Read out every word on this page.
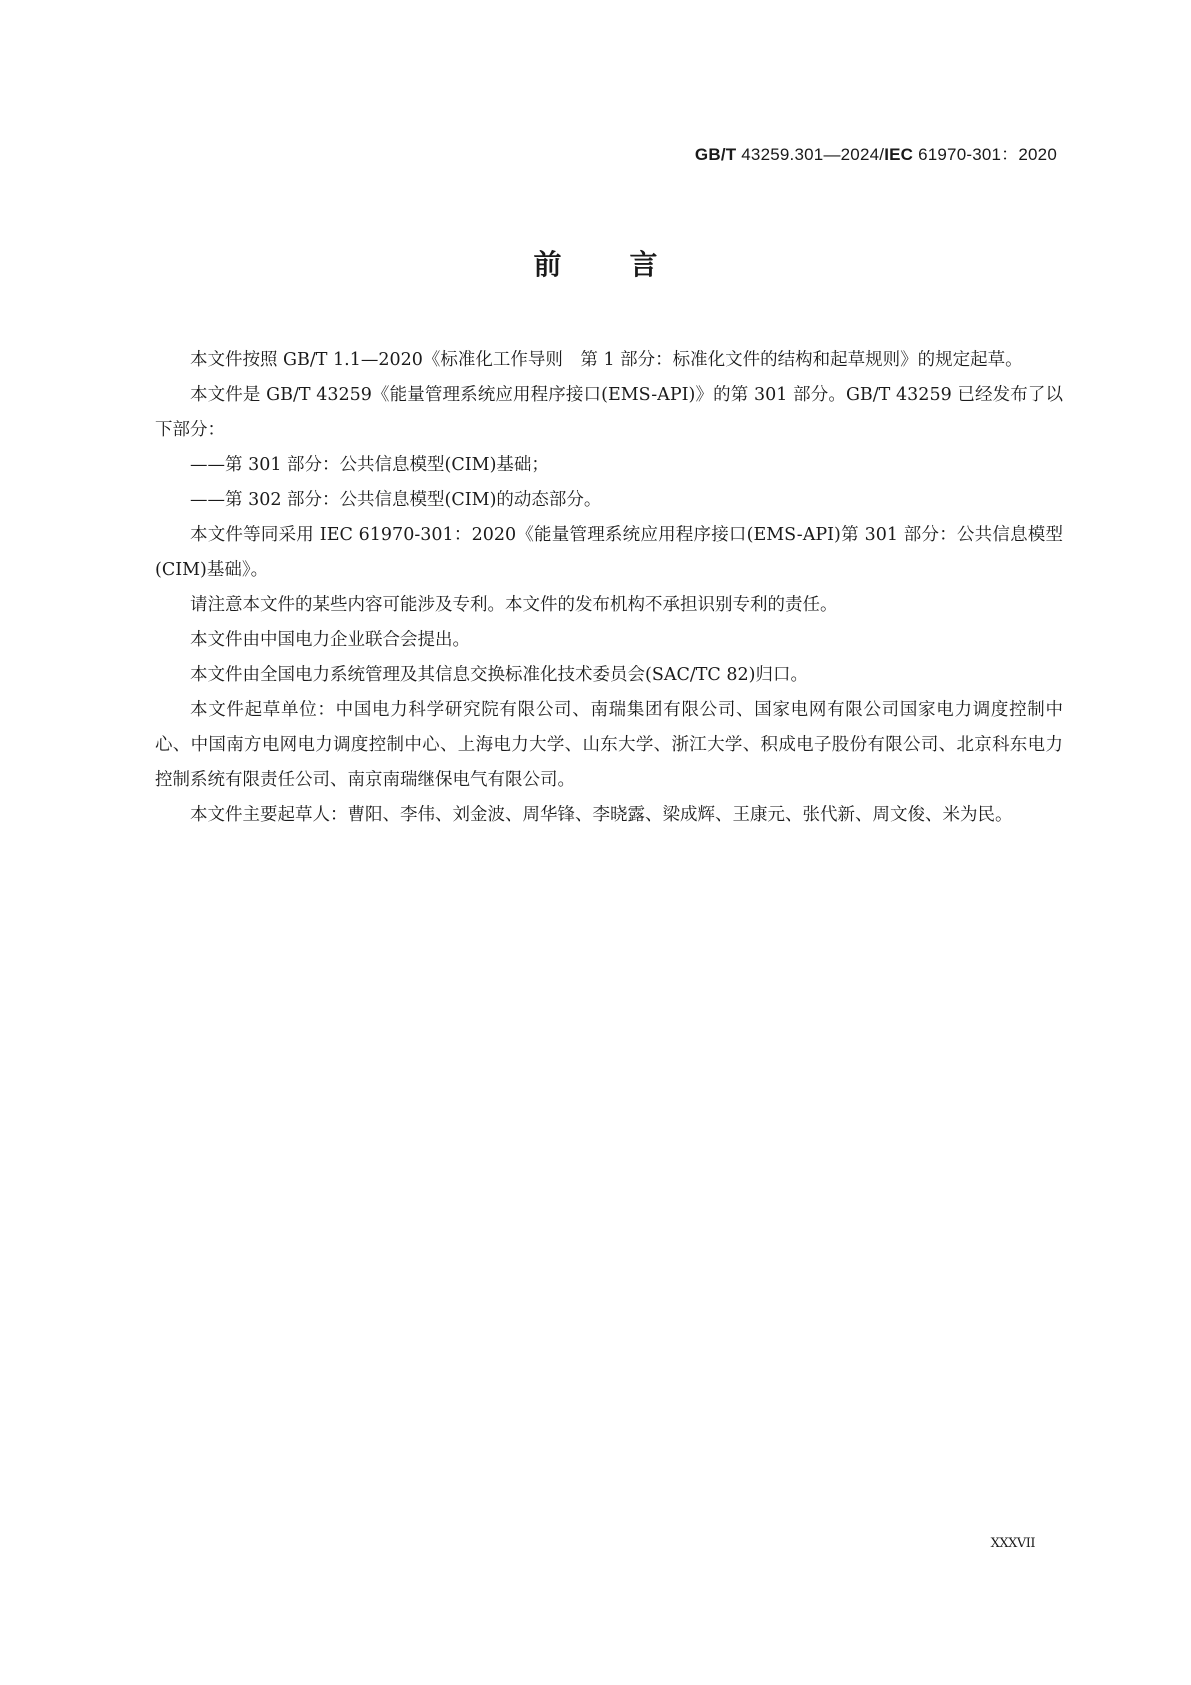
GB/T 43259.301—2024/IEC 61970-301：2020
前言

本文件按照 GB/T 1.1—2020《标准化工作导则　第 1 部分：标准化文件的结构和起草规则》的规定起草。

本文件是 GB/T 43259《能量管理系统应用程序接口(EMS-API)》的第 301 部分。GB/T 43259 已经发布了以下部分：

——第 301 部分：公共信息模型(CIM)基础；

——第 302 部分：公共信息模型(CIM)的动态部分。

本文件等同采用 IEC 61970-301：2020《能量管理系统应用程序接口(EMS-API)第 301 部分：公共信息模型(CIM)基础》。

请注意本文件的某些内容可能涉及专利。本文件的发布机构不承担识别专利的责任。

本文件由中国电力企业联合会提出。

本文件由全国电力系统管理及其信息交换标准化技术委员会(SAC/TC 82)归口。

本文件起草单位：中国电力科学研究院有限公司、南瑞集团有限公司、国家电网有限公司国家电力调度控制中心、中国南方电网电力调度控制中心、上海电力大学、山东大学、浙江大学、积成电子股份有限公司、北京科东电力控制系统有限责任公司、南京南瑞继保电气有限公司。

本文件主要起草人：曹阳、李伟、刘金波、周华锋、李晓露、梁成辉、王康元、张代新、周文俊、米为民。

XXXVII
